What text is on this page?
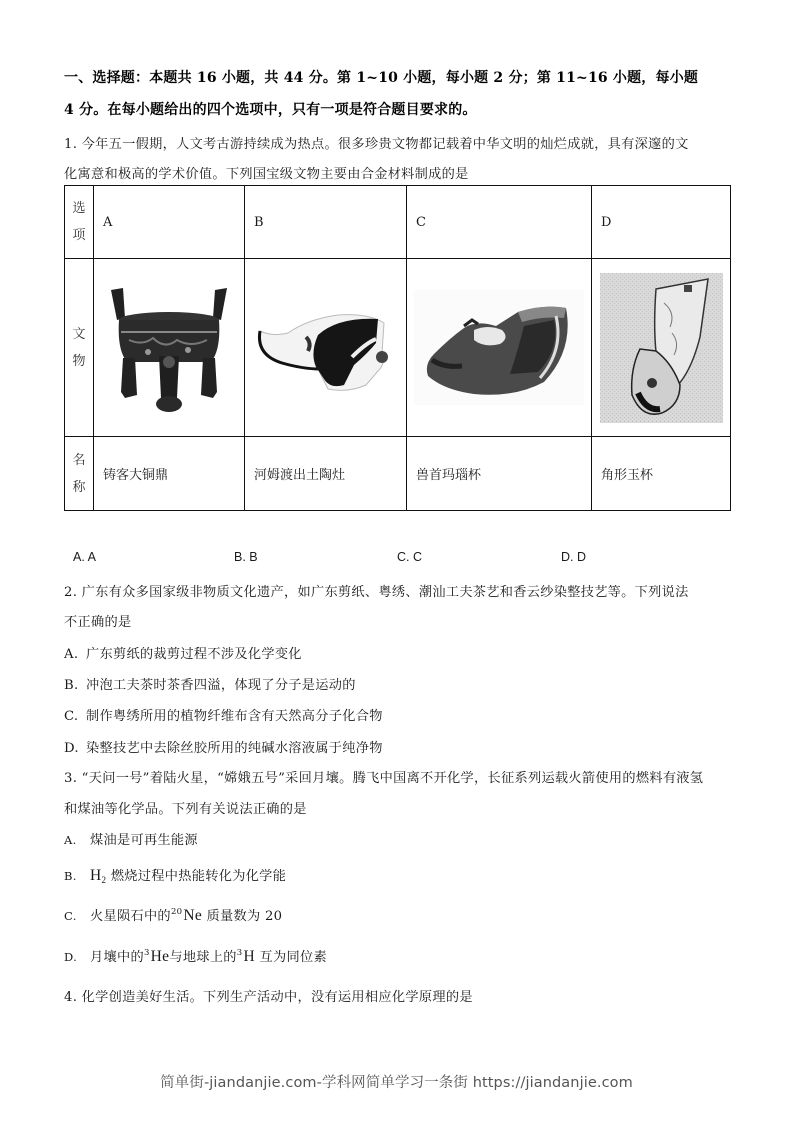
一、选择题：本题共 16 小题，共 44 分。第 1~10 小题，每小题 2 分；第 11~16 小题，每小题
4 分。在每小题给出的四个选项中，只有一项是符合题目要求的。
1. 今年五一假期，人文考古游持续成为热点。很多珍贵文物都记载着中华文明的灿烂成就，具有深邃的文
化寓意和极高的学术价值。下列国宝级文物主要由合金材料制成的是
选
项	A	B	C	D

文
物

名
称	铸客大铜鼎	河姆渡出土陶灶	兽首玛瑙杯	角形玉杯
A. A	B. B	C. C	D. D
2. 广东有众多国家级非物质文化遗产，如广东剪纸、粤绣、潮汕工夫茶艺和香云纱染整技艺等。下列说法
不正确的是
A. 广东剪纸的裁剪过程不涉及化学变化
B. 冲泡工夫茶时茶香四溢，体现了分子是运动的
C. 制作粤绣所用的植物纤维布含有天然高分子化合物
D. 染整技艺中去除丝胶所用的纯碱水溶液属于纯净物
3. “天问一号”着陆火星，“嫦娥五号”采回月壤。腾飞中国离不开化学，长征系列运载火箭使用的燃料有液氢
和煤油等化学品。下列有关说法正确的是
A. 煤油是可再生能源
B. $H_2$ 燃烧过程中热能转化为化学能
C. 火星陨石中的$^{20}$Ne 质量数为 20
D. 月壤中的$^3$He与地球上的$^3$H 互为同位素
4. 化学创造美好生活。下列生产活动中，没有运用相应化学原理的是
简单街-jiandanjie.com-学科网简单学习一条街 https://jiandanjie.com
